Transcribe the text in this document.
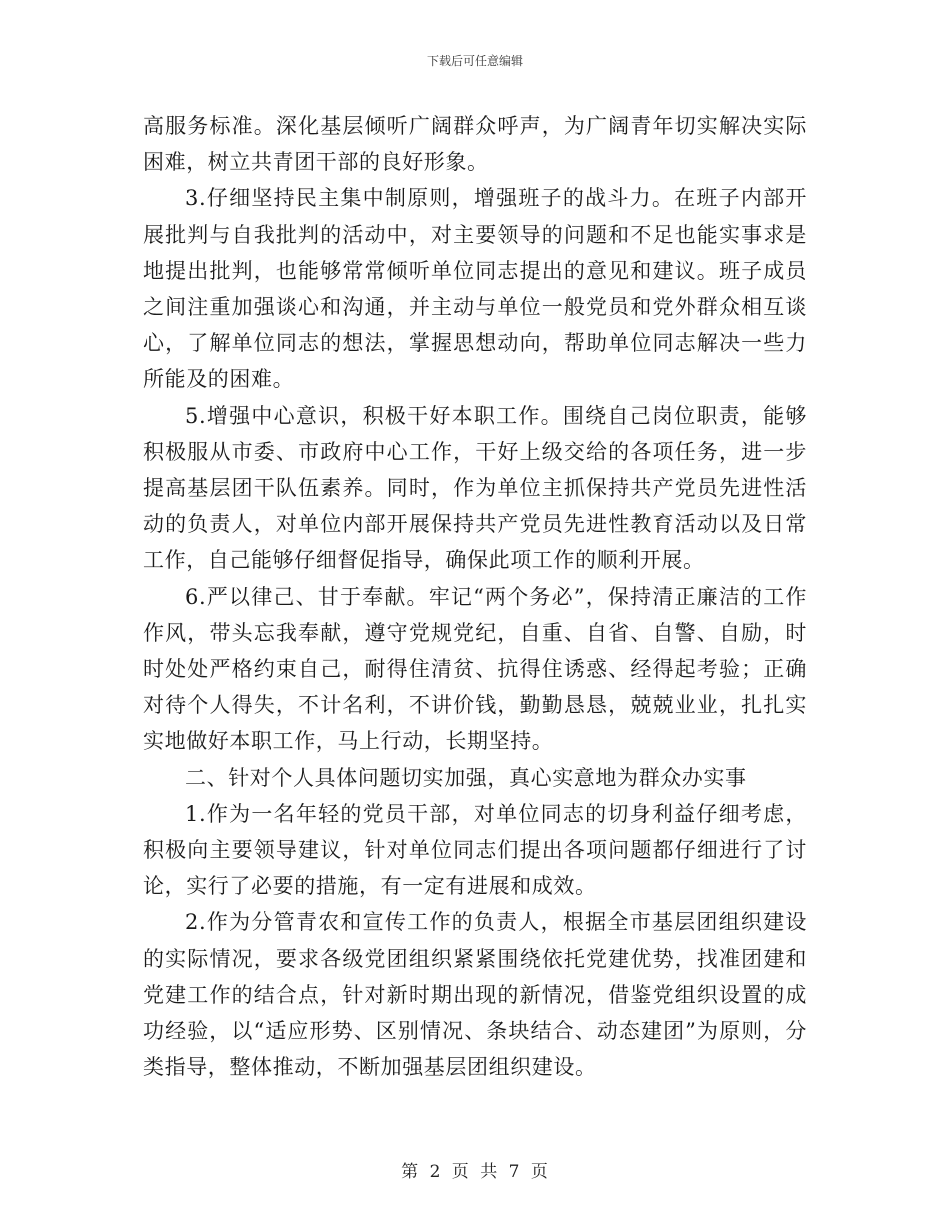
下载后可任意编辑

高服务标准。深化基层倾听广阔群众呼声，为广阔青年切实解决实际困难，树立共青团干部的良好形象。

3.仔细坚持民主集中制原则，增强班子的战斗力。在班子内部开展批判与自我批判的活动中，对主要领导的问题和不足也能实事求是地提出批判，也能够常常倾听单位同志提出的意见和建议。班子成员之间注重加强谈心和沟通，并主动与单位一般党员和党外群众相互谈心，了解单位同志的想法，掌握思想动向，帮助单位同志解决一些力所能及的困难。

5.增强中心意识，积极干好本职工作。围绕自己岗位职责，能够积极服从市委、市政府中心工作，干好上级交给的各项任务，进一步提高基层团干队伍素养。同时，作为单位主抓保持共产党员先进性活动的负责人，对单位内部开展保持共产党员先进性教育活动以及日常工作，自己能够仔细督促指导，确保此项工作的顺利开展。

6.严以律己、甘于奉献。牢记“两个务必”，保持清正廉洁的工作作风，带头忘我奉献，遵守党规党纪，自重、自省、自警、自励，时时处处严格约束自己，耐得住清贫、抗得住诱惑、经得起考验；正确对待个人得失，不计名利，不讲价钱，勤勤恳恳，兢兢业业，扎扎实实地做好本职工作，马上行动，长期坚持。

二、针对个人具体问题切实加强，真心实意地为群众办实事

1.作为一名年轻的党员干部，对单位同志的切身利益仔细考虑，积极向主要领导建议，针对单位同志们提出各项问题都仔细进行了讨论，实行了必要的措施，有一定有进展和成效。

2.作为分管青农和宣传工作的负责人，根据全市基层团组织建设的实际情况，要求各级党团组织紧紧围绕依托党建优势，找准团建和党建工作的结合点，针对新时期出现的新情况，借鉴党组织设置的成功经验，以“适应形势、区别情况、条块结合、动态建团”为原则，分类指导，整体推动，不断加强基层团组织建设。

第 2 页 共 7 页
